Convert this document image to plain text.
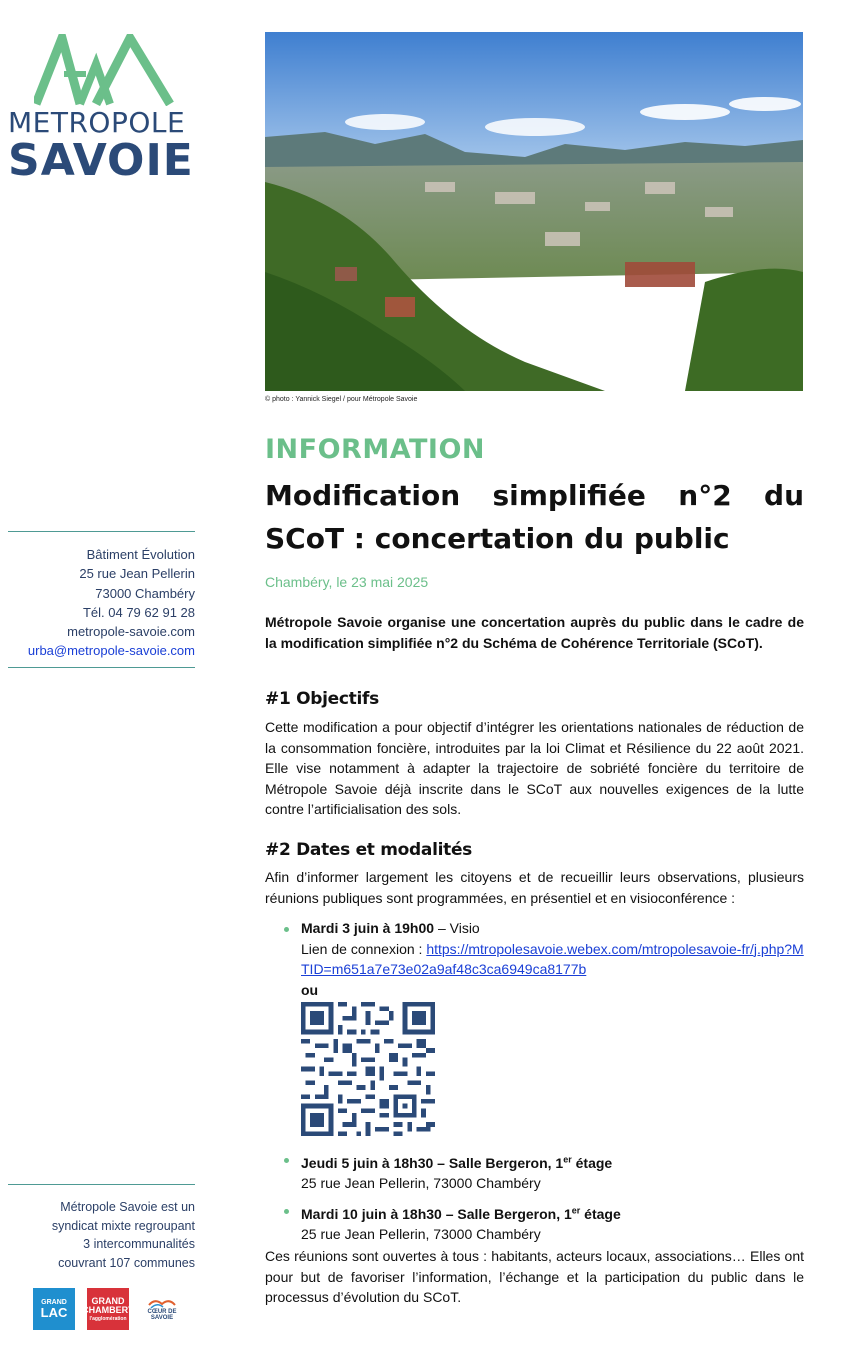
METROPOLE
SAVOIE
Bâtiment Évolution
25 rue Jean Pellerin
73000 Chambéry
Tél. 04 79 62 91 28
metropole-savoie.com
urba@metropole-savoie.com
Métropole Savoie est un
syndicat mixte regroupant
3 intercommunalités
couvrant 107 communes
GRAND
LAC
GRAND
CHAMBERY
l'agglomération
CŒUR DE
SAVOIE
© photo : Yannick Siegel / pour Métropole Savoie
INFORMATION
Modification simplifiée n°2 du SCoT : concertation du public
Chambéry, le 23 mai 2025
Métropole Savoie organise une concertation auprès du public dans le cadre de la modification simplifiée n°2 du Schéma de Cohérence Territoriale (SCoT).
#1 Objectifs
Cette modification a pour objectif d’intégrer les orientations nationales de réduction de la consommation foncière, introduites par la loi Climat et Résilience du 22 août 2021. Elle vise notamment à adapter la trajectoire de sobriété foncière du territoire de Métropole Savoie déjà inscrite dans le SCoT aux nouvelles exigences de la lutte contre l’artificialisation des sols.
#2 Dates et modalités
Afin d’informer largement les citoyens et de recueillir leurs observations, plusieurs réunions publiques sont programmées, en présentiel et en visioconférence :
Mardi 3 juin à 19h00 – Visio
Lien de connexion : https://mtropolesavoie.webex.com/mtropolesavoie-fr/j.php?MTID=m651a7e73e02a9af48c3ca6949ca8177b
ou
Jeudi 5 juin à 18h30 – Salle Bergeron, 1er étage
25 rue Jean Pellerin, 73000 Chambéry
Mardi 10 juin à 18h30 – Salle Bergeron, 1er étage
25 rue Jean Pellerin, 73000 Chambéry
Ces réunions sont ouvertes à tous : habitants, acteurs locaux, associations… Elles ont pour but de favoriser l’information, l’échange et la participation du public dans le processus d’évolution du SCoT.
